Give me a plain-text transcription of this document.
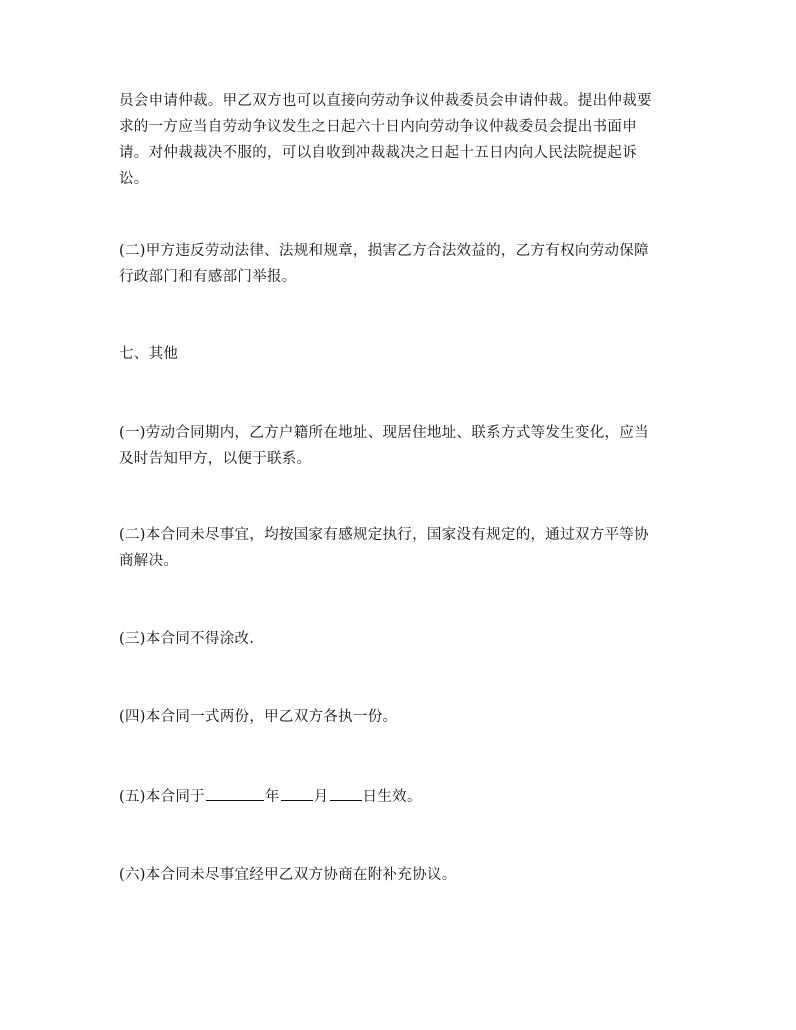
员会申请仲裁。甲乙双方也可以直接向劳动争议仲裁委员会申请仲裁。提出仲裁要
求的一方应当自劳动争议发生之日起六十日内向劳动争议仲裁委员会提出书面申
请。对仲裁裁决不服的，可以自收到冲裁裁决之日起十五日内向人民法院提起诉
讼。

(二)甲方违反劳动法律、法规和规章，损害乙方合法效益的，乙方有权向劳动保障
行政部门和有感部门举报。

七、其他

(一)劳动合同期内，乙方户籍所在地址、现居住地址、联系方式等发生变化，应当
及时告知甲方，以便于联系。

(二)本合同未尽事宜，均按国家有感规定执行，国家没有规定的，通过双方平等协
商解决。

(三)本合同不得涂改.

(四)本合同一式两份，甲乙双方各执一份。

(五)本合同于	年 月 日生效。

(六)本合同未尽事宜经甲乙双方协商在附补充协议。
